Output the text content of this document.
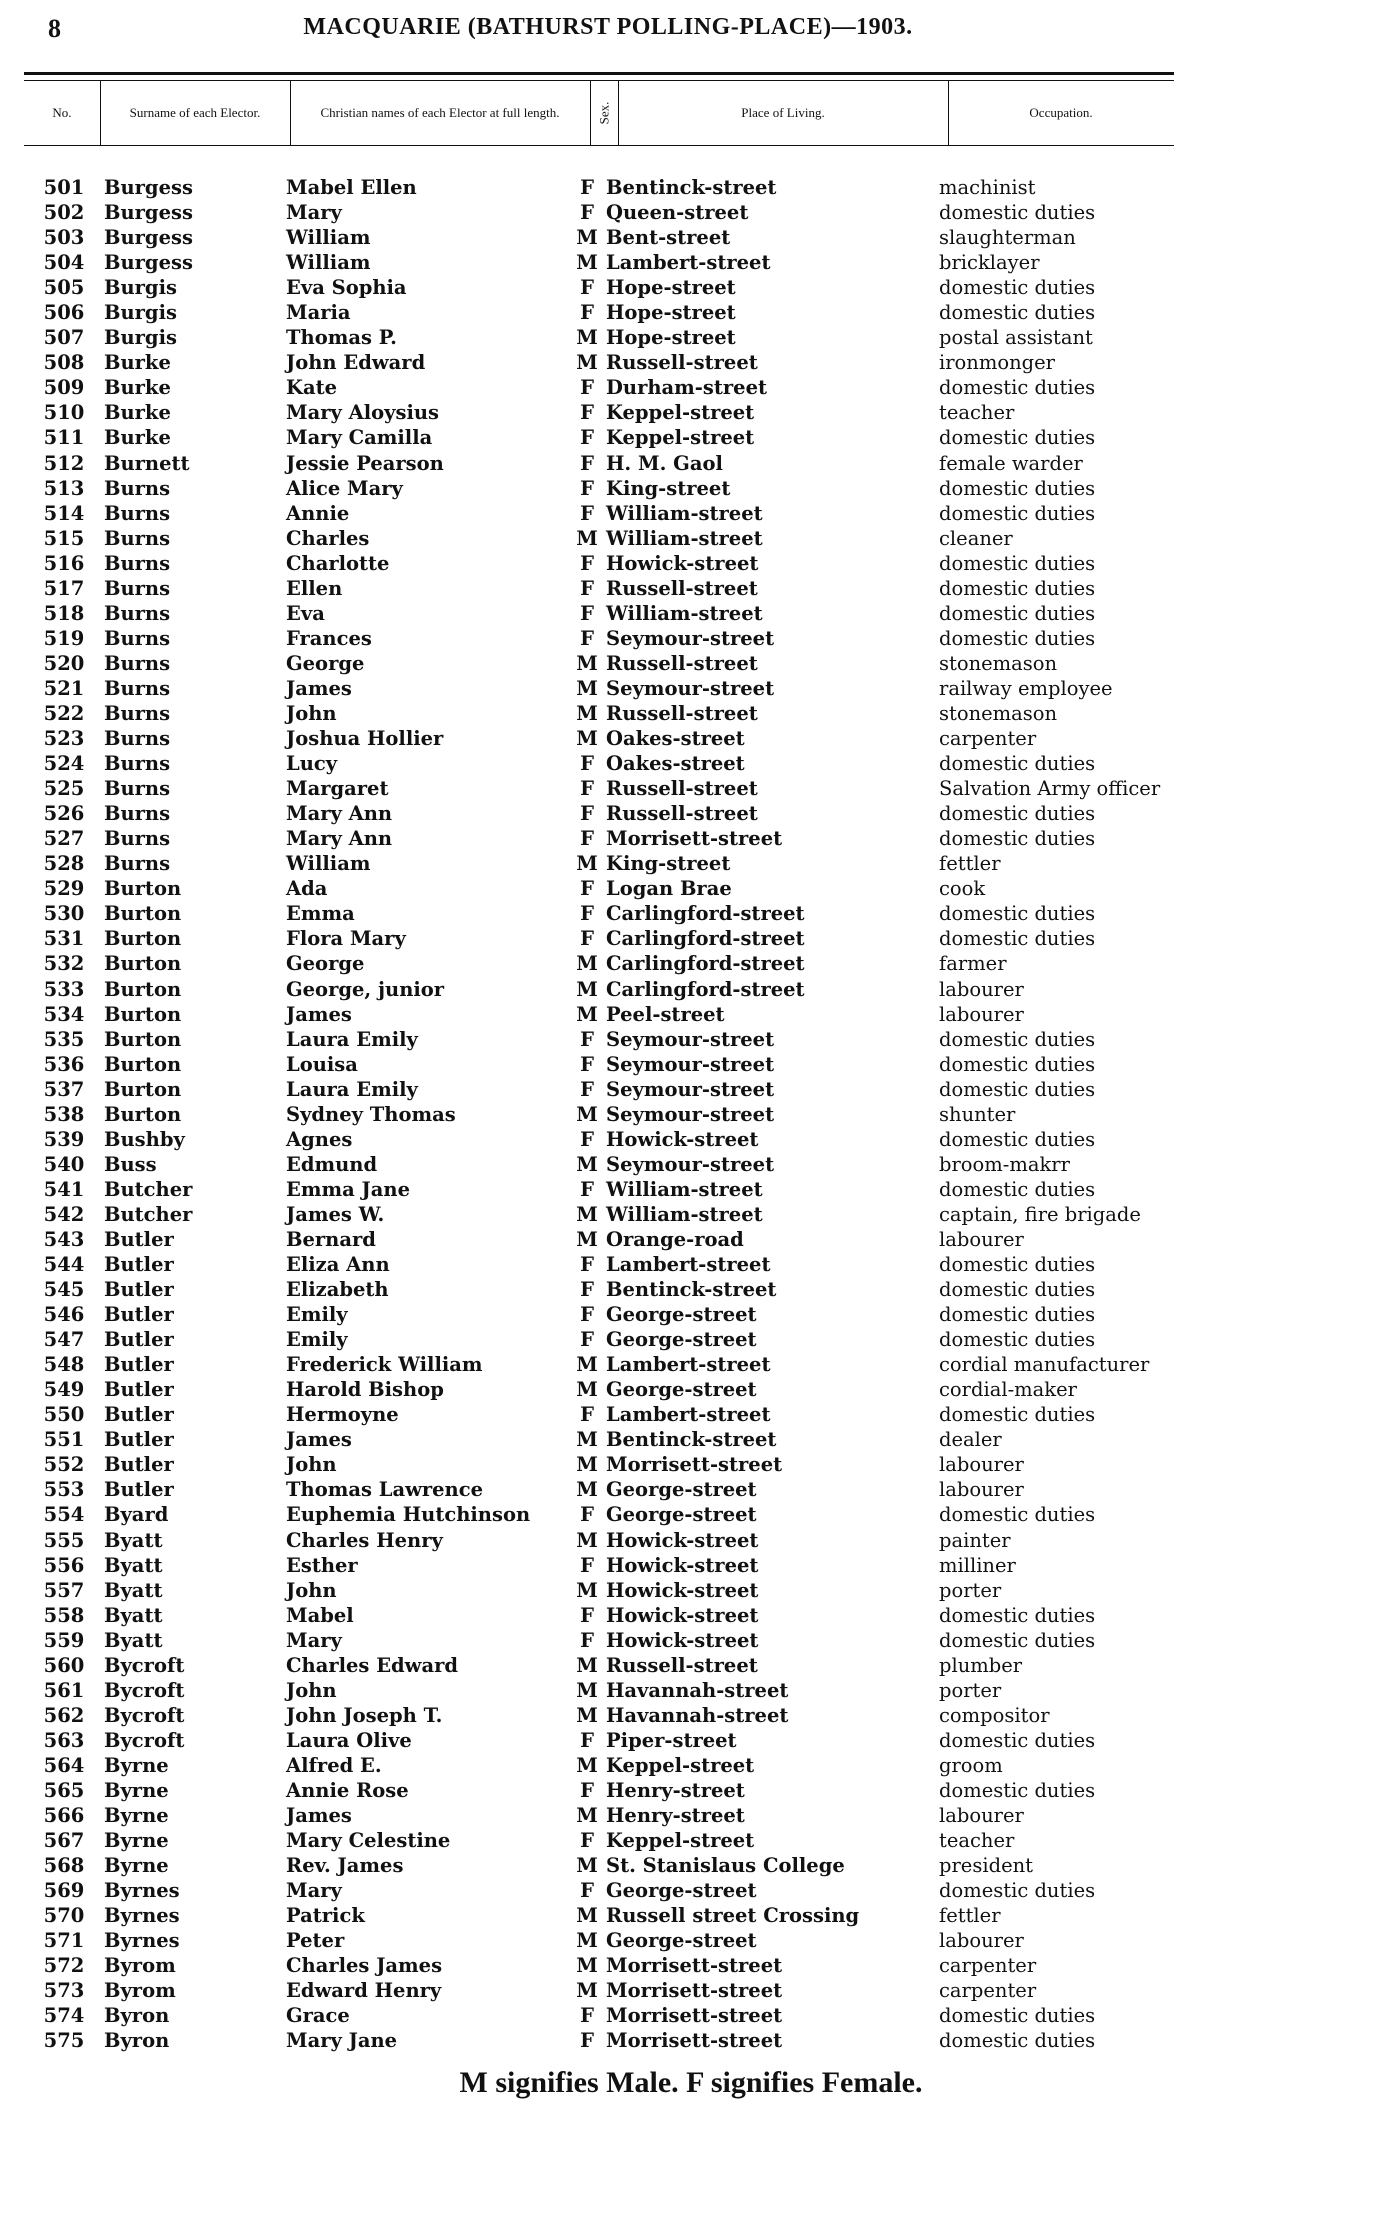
8	MACQUARIE (BATHURST POLLING-PLACE)—1903.
No.	Surname of each Elector.	Christian names of each Elector at full length.	Sex.	Place of Living.	Occupation.
501 Burgess	Mabel Ellen	F Bentinck-street	machinist
502 Burgess	Mary	F Queen-street	domestic duties
503 Burgess	William	M Bent-street	slaughterman
504 Burgess	William	M Lambert-street	bricklayer
505 Burgis	Eva Sophia	F Hope-street	domestic duties
506 Burgis	Maria	F Hope-street	domestic duties
507 Burgis	Thomas P.	M Hope-street	postal assistant
508 Burke	John Edward	M Russell-street	ironmonger
509 Burke	Kate	F Durham-street	domestic duties
510 Burke	Mary Aloysius	F Keppel-street	teacher
511 Burke	Mary Camilla	F Keppel-street	domestic duties
512 Burnett	Jessie Pearson	F H. M. Gaol	female warder
513 Burns	Alice Mary	F King-street	domestic duties
514 Burns	Annie	F William-street	domestic duties
515 Burns	Charles	M William-street	cleaner
516 Burns	Charlotte	F Howick-street	domestic duties
517 Burns	Ellen	F Russell-street	domestic duties
518 Burns	Eva	F William-street	domestic duties
519 Burns	Frances	F Seymour-street	domestic duties
520 Burns	George	M Russell-street	stonemason
521 Burns	James	M Seymour-street	railway employee
522 Burns	John	M Russell-street	stonemason
523 Burns	Joshua Hollier	M Oakes-street	carpenter
524 Burns	Lucy	F Oakes-street	domestic duties
525 Burns	Margaret	F Russell-street	Salvation Army officer
526 Burns	Mary Ann	F Russell-street	domestic duties
527 Burns	Mary Ann	F Morrisett-street	domestic duties
528 Burns	William	M King-street	fettler
529 Burton	Ada	F Logan Brae	cook
530 Burton	Emma	F Carlingford-street	domestic duties
531 Burton	Flora Mary	F Carlingford-street	domestic duties
532 Burton	George	M Carlingford-street	farmer
533 Burton	George, junior	M Carlingford-street	labourer
534 Burton	James	M Peel-street	labourer
535 Burton	Laura Emily	F Seymour-street	domestic duties
536 Burton	Louisa	F Seymour-street	domestic duties
537 Burton	Laura Emily	F Seymour-street	domestic duties
538 Burton	Sydney Thomas	M Seymour-street	shunter
539 Bushby	Agnes	F Howick-street	domestic duties
540 Buss	Edmund	M Seymour-street	broom-makrr
541 Butcher	Emma Jane	F William-street	domestic duties
542 Butcher	James W.	M William-street	captain, fire brigade
543 Butler	Bernard	M Orange-road	labourer
544 Butler	Eliza Ann	F Lambert-street	domestic duties
545 Butler	Elizabeth	F Bentinck-street	domestic duties
546 Butler	Emily	F George-street	domestic duties
547 Butler	Emily	F George-street	domestic duties
548 Butler	Frederick William	M Lambert-street	cordial manufacturer
549 Butler	Harold Bishop	M George-street	cordial-maker
550 Butler	Hermoyne	F Lambert-street	domestic duties
551 Butler	James	M Bentinck-street	dealer
552 Butler	John	M Morrisett-street	labourer
553 Butler	Thomas Lawrence	M George-street	labourer
554 Byard	Euphemia Hutchinson	F George-street	domestic duties
555 Byatt	Charles Henry	M Howick-street	painter
556 Byatt	Esther	F Howick-street	milliner
557 Byatt	John	M Howick-street	porter
558 Byatt	Mabel	F Howick-street	domestic duties
559 Byatt	Mary	F Howick-street	domestic duties
560 Bycroft	Charles Edward	M Russell-street	plumber
561 Bycroft	John	M Havannah-street	porter
562 Bycroft	John Joseph T.	M Havannah-street	compositor
563 Bycroft	Laura Olive	F Piper-street	domestic duties
564 Byrne	Alfred E.	M Keppel-street	groom
565 Byrne	Annie Rose	F Henry-street	domestic duties
566 Byrne	James	M Henry-street	labourer
567 Byrne	Mary Celestine	F Keppel-street	teacher
568 Byrne	Rev. James	M St. Stanislaus College	president
569 Byrnes	Mary	F George-street	domestic duties
570 Byrnes	Patrick	M Russell street Crossing	fettler
571 Byrnes	Peter	M George-street	labourer
572 Byrom	Charles James	M Morrisett-street	carpenter
573 Byrom	Edward Henry	M Morrisett-street	carpenter
574 Byron	Grace	F Morrisett-street	domestic duties
575 Byron	Mary Jane	F Morrisett-street	domestic duties
M signifies Male. F signifies Female.
